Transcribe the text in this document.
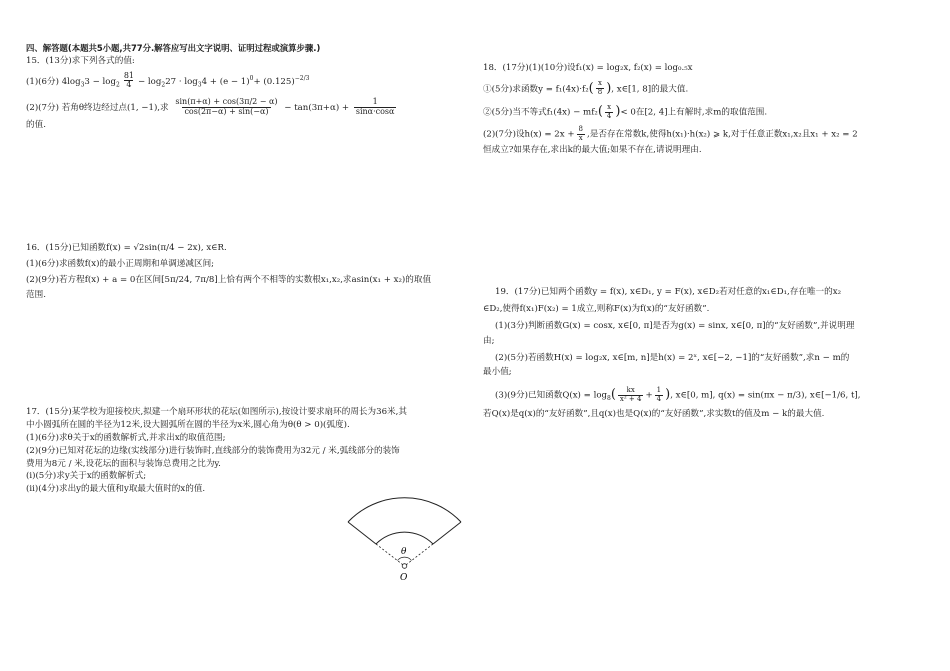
四、解答题(本题共5小题,共77分.解答应写出文字说明、证明过程或演算步骤.)

15．(13分)求下列各式的值:

(1)(6分) $4\log_33 - \log_2 \frac{81}{4} - \log_227 \cdot \log_34 + (e - 1)^0+ (0.125)^{-2/3}$

(2)(7分) 若角θ终边经过点(1, −1),求 $\frac{\sin(\pi+\alpha) + \cos(3\pi/2 - \alpha)}{\cos(2\pi-\alpha) + \sin(-\alpha)} - \tan(3\pi+\alpha) + \frac{1}{\sin\alpha\cdot\cos\alpha}$

的值.

16．(15分)已知函数f(x) = √2sin(π/4 − 2x), x∈R.

(1)(6分)求函数f(x)的最小正周期和单调递减区间;

(2)(9分)若方程f(x) + a = 0在区间[5π/24, 7π/8]上恰有两个不相等的实数根x₁,x₂,求asin(x₁ + x₂)的取值

范围.

17．(15分)某学校为迎接校庆,拟建一个扇环形状的花坛(如图所示),按设计要求扇环的周长为36米,其

中小圆弧所在圆的半径为12米,设大圆弧所在圆的半径为x米,圆心角为θ(θ > 0)(弧度).

(1)(6分)求θ关于x的函数解析式,并求出x的取值范围;

(2)(9分)已知对花坛的边缘(实线部分)进行装饰时,直线部分的装饰费用为32元 / 米,弧线部分的装饰

费用为8元 / 米,设花坛的面积与装饰总费用之比为y.

(ⅰ)(5分)求y关于x的函数解析式;

(ⅱ)(4分)求出y的最大值和y取最大值时的x的值.

θ
O

18．(17分)(1)(10分)设f₁(x) = log₂x, f₂(x) = log₀.₅x

①(5分)求函数$y = f_1(4x)\cdot f_2( \frac{x}{8}$ ), x∈[1, 8]的最大值.

②(5分)当不等式$f_1(4x) - mf_2( \frac{x}{4}$ )< 0在[2, 4]上有解时,求m的取值范围.

(2)(7分)设$h(x) = 2x + \frac{8}{x}$ ,是否存在常数k,使得h(x₁)·h(x₂) ⩾ k,对于任意正数x₁,x₂且x₁ + x₂ = 2

恒成立?如果存在,求出k的最大值;如果不存在,请说明理由.

19．(17分)已知两个函数y = f(x), x∈D₁, y = F(x), x∈D₂若对任意的x₁∈D₁,存在唯一的x₂

∈D₂,使得f(x₁)F(x₂) = 1成立,则称F(x)为f(x)的“友好函数”.

(1)(3分)判断函数G(x) = cosx, x∈[0, π]是否为g(x) = sinx, x∈[0, π]的“友好函数”,并说明理

由;

(2)(5分)若函数H(x) = log₂x, x∈[m, n]是h(x) = 2ˣ, x∈[−2, −1]的“友好函数”,求n − m的

最小值;

(3)(9分)已知函数$Q(x) = \log_8( \frac{kx}{\text{x² + 4}} + \frac{1}{4}$ ), x∈[0, m], q(x) = sin(πx − π/3), x∈[−1/6, t],

若Q(x)是q(x)的“友好函数”,且q(x)也是Q(x)的“友好函数”,求实数t的值及m − k的最大值.
